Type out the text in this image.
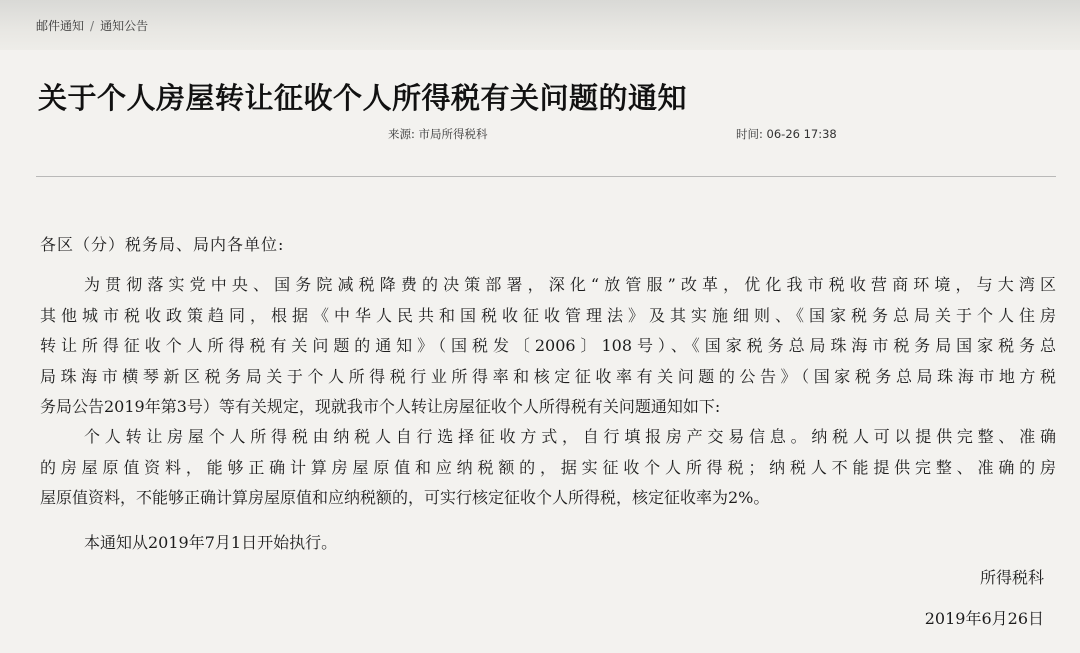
邮件通知 / 通知公告
关于个人房屋转让征收个人所得税有关问题的通知
来源: 市局所得税科	时间: 06-26 17:38
各区（分）税务局、局内各单位:
为贯彻落实党中央、国务院减税降费的决策部署，深化“放管服”改革，优化我市税收营商环境，与大湾区
其他城市税收政策趋同，根据《中华人民共和国税收征收管理法》及其实施细则、《国家税务总局关于个人住房
转让所得征收个人所得税有关问题的通知》（国税发〔2006〕108号）、《国家税务总局珠海市税务局国家税务总
局珠海市横琴新区税务局关于个人所得税行业所得率和核定征收率有关问题的公告》（国家税务总局珠海市地方税
务局公告2019年第3号）等有关规定，现就我市个人转让房屋征收个人所得税有关问题通知如下:
个人转让房屋个人所得税由纳税人自行选择征收方式，自行填报房产交易信息。纳税人可以提供完整、准确
的房屋原值资料，能够正确计算房屋原值和应纳税额的，据实征收个人所得税；纳税人不能提供完整、准确的房
屋原值资料，不能够正确计算房屋原值和应纳税额的，可实行核定征收个人所得税，核定征收率为2%。
本通知从2019年7月1日开始执行。
所得税科
2019年6月26日
